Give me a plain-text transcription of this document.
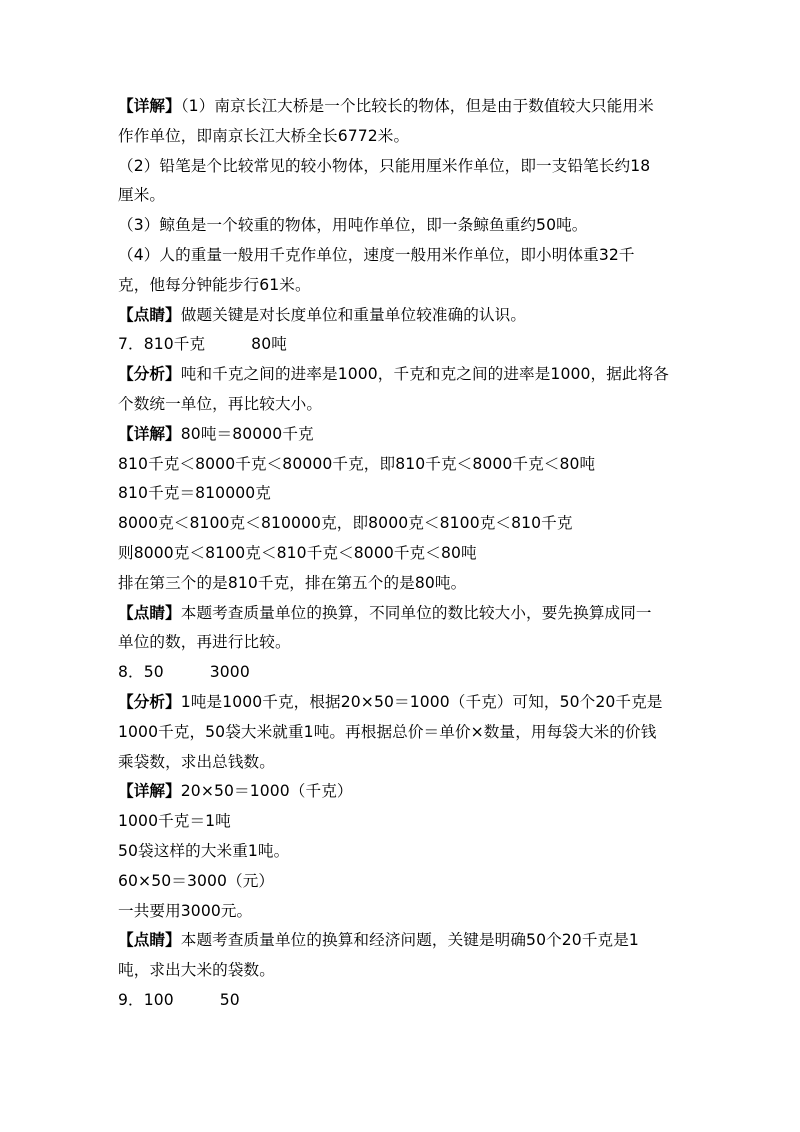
【详解】（1）南京长江大桥是一个比较长的物体，但是由于数值较大只能用米
作作单位，即南京长江大桥全长6772米。
（2）铅笔是个比较常见的较小物体，只能用厘米作单位，即一支铅笔长约18
厘米。
（3）鲸鱼是一个较重的物体，用吨作单位，即一条鲸鱼重约50吨。
（4）人的重量一般用千克作单位，速度一般用米作单位，即小明体重32千
克，他每分钟能步行61米。
【点睛】做题关键是对长度单位和重量单位较准确的认识。
7．810千克	80吨
【分析】吨和千克之间的进率是1000，千克和克之间的进率是1000，据此将各
个数统一单位，再比较大小。
【详解】80吨＝80000千克
810千克＜8000千克＜80000千克，即810千克＜8000千克＜80吨
810千克＝810000克
8000克＜8100克＜810000克，即8000克＜8100克＜810千克
则8000克＜8100克＜810千克＜8000千克＜80吨
排在第三个的是810千克，排在第五个的是80吨。
【点睛】本题考查质量单位的换算，不同单位的数比较大小，要先换算成同一
单位的数，再进行比较。
8．50	3000
【分析】1吨是1000千克，根据20×50＝1000（千克）可知，50个20千克是
1000千克，50袋大米就重1吨。再根据总价＝单价×数量，用每袋大米的价钱
乘袋数，求出总钱数。
【详解】20×50＝1000（千克）
1000千克＝1吨
50袋这样的大米重1吨。
60×50＝3000（元）
一共要用3000元。
【点睛】本题考查质量单位的换算和经济问题，关键是明确50个20千克是1
吨，求出大米的袋数。
9．100	50
